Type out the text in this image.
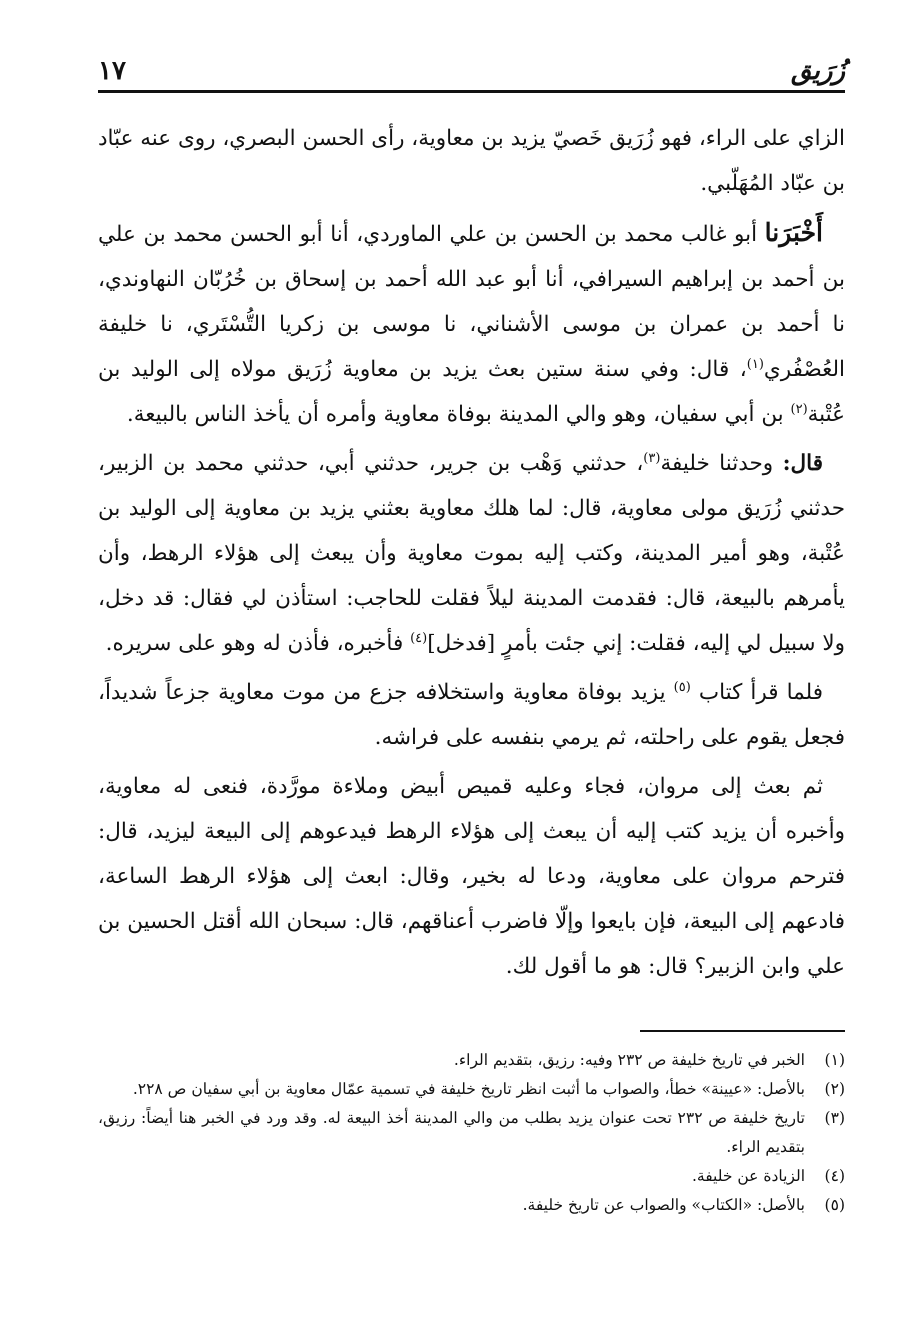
زُرَيق
١٧

الزاي على الراء، فهو زُرَيق خَصيّ يزيد بن معاوية، رأى الحسن البصري، روى عنه عبّاد بن عبّاد المُهَلّبي.

أَخْبَرَنا أبو غالب محمد بن الحسن بن علي الماوردي، أنا أبو الحسن محمد بن علي بن أحمد بن إبراهيم السيرافي، أنا أبو عبد الله أحمد بن إسحاق بن خُرُبّان النهاوندي، نا أحمد بن عمران بن موسى الأشناني، نا موسى بن زكريا التُّسْتَري، نا خليفة العُصْفُري$^{(١)}$، قال: وفي سنة ستين بعث يزيد بن معاوية زُرَيق مولاه إلى الوليد بن عُتْبة$^{(٢)}$ بن أبي سفيان، وهو والي المدينة بوفاة معاوية وأمره أن يأخذ الناس بالبيعة.

قال: وحدثنا خليفة$^{(٣)}$، حدثني وَهْب بن جرير، حدثني أبي، حدثني محمد بن الزبير، حدثني زُرَيق مولى معاوية، قال: لما هلك معاوية بعثني يزيد بن معاوية إلى الوليد بن عُتْبة، وهو أمير المدينة، وكتب إليه بموت معاوية وأن يبعث إلى هؤلاء الرهط، وأن يأمرهم بالبيعة، قال: فقدمت المدينة ليلاً فقلت للحاجب: استأذن لي فقال: قد دخل، ولا سبيل لي إليه، فقلت: إني جئت بأمرٍ [فدخل]$^{(٤)}$ فأخبره، فأذن له وهو على سريره.

فلما قرأ كتاب $^{(٥)}$ يزيد بوفاة معاوية واستخلافه جزع من موت معاوية جزعاً شديداً، فجعل يقوم على راحلته، ثم يرمي بنفسه على فراشه.

ثم بعث إلى مروان، فجاء وعليه قميص أبيض وملاءة مورَّدة، فنعى له معاوية، وأخبره أن يزيد كتب إليه أن يبعث إلى هؤلاء الرهط فيدعوهم إلى البيعة ليزيد، قال: فترحم مروان على معاوية، ودعا له بخير، وقال: ابعث إلى هؤلاء الرهط الساعة، فادعهم إلى البيعة، فإن بايعوا وإلّا فاضرب أعناقهم، قال: سبحان الله أقتل الحسين بن علي وابن الزبير؟ قال: هو ما أقول لك.

(١)
الخبر في تاريخ خليفة ص ٢٣٢ وفيه: رزيق، بتقديم الراء.
(٢)
بالأصل: «عيينة» خطأ، والصواب ما أثبت انظر تاريخ خليفة في تسمية عمّال معاوية بن أبي سفيان ص ٢٢٨.
(٣)
تاريخ خليفة ص ٢٣٢ تحت عنوان يزيد بطلب من والي المدينة أخذ البيعة له. وقد ورد في الخبر هنا أيضاً: رزيق، بتقديم الراء.
(٤)
الزيادة عن خليفة.
(٥)
بالأصل: «الكتاب» والصواب عن تاريخ خليفة.
